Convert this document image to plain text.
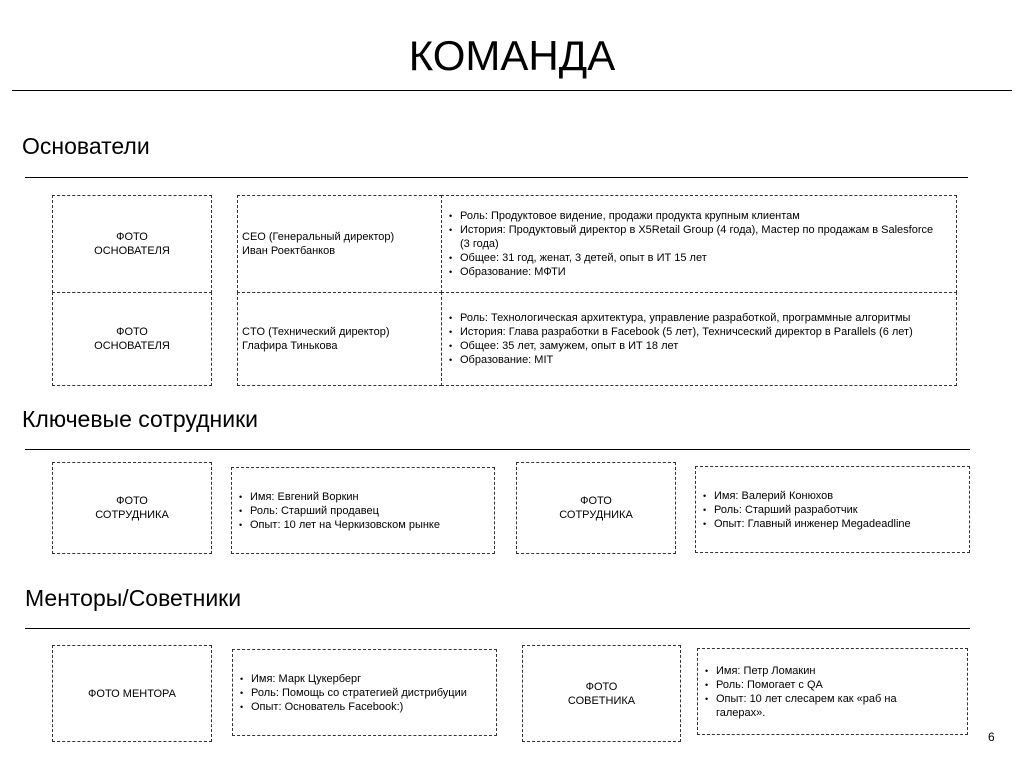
КОМАНДА
Основатели
ФОТО ОСНОВАТЕЛЯ
ФОТО ОСНОВАТЕЛЯ
CEO (Генеральный директор)
Иван Роектбанков
CTO (Технический директор)
Глафира Тинькова
• Роль: Продуктовое видение, продажи продукта крупным клиентам
• История: Продуктовый директор в X5Retail Group (4 года), Мастер по продажам в Salesforce (3 года)
• Общее: 31 год, женат, 3 детей, опыт в ИТ 15 лет
• Образование: МФТИ
• Роль: Технологическая архитектура, управление разработкой, программные алгоритмы
• История: Глава разработки в Facebook (5 лет), Техничсеский директор в Parallels (6 лет)
• Общее: 35 лет, замужем, опыт в ИТ 18 лет
• Образование: MIT
Ключевые сотрудники
ФОТО СОТРУДНИКА
• Имя: Евгений Воркин
• Роль: Старший продавец
• Опыт: 10 лет на Черкизовском рынке
ФОТО СОТРУДНИКА
• Имя: Валерий Конюхов
• Роль: Старший разработчик
• Опыт: Главный инженер Megadeadline
Менторы/Советники
ФОТО МЕНТОРА
• Имя: Марк Цукерберг
• Роль: Помощь со стратегией дистрибуции
• Опыт: Основатель Facebook:)
ФОТО СОВЕТНИКА
• Имя: Петр Ломакин
• Роль: Помогает с QA
• Опыт: 10 лет слесарем как «раб на галерах».
6
